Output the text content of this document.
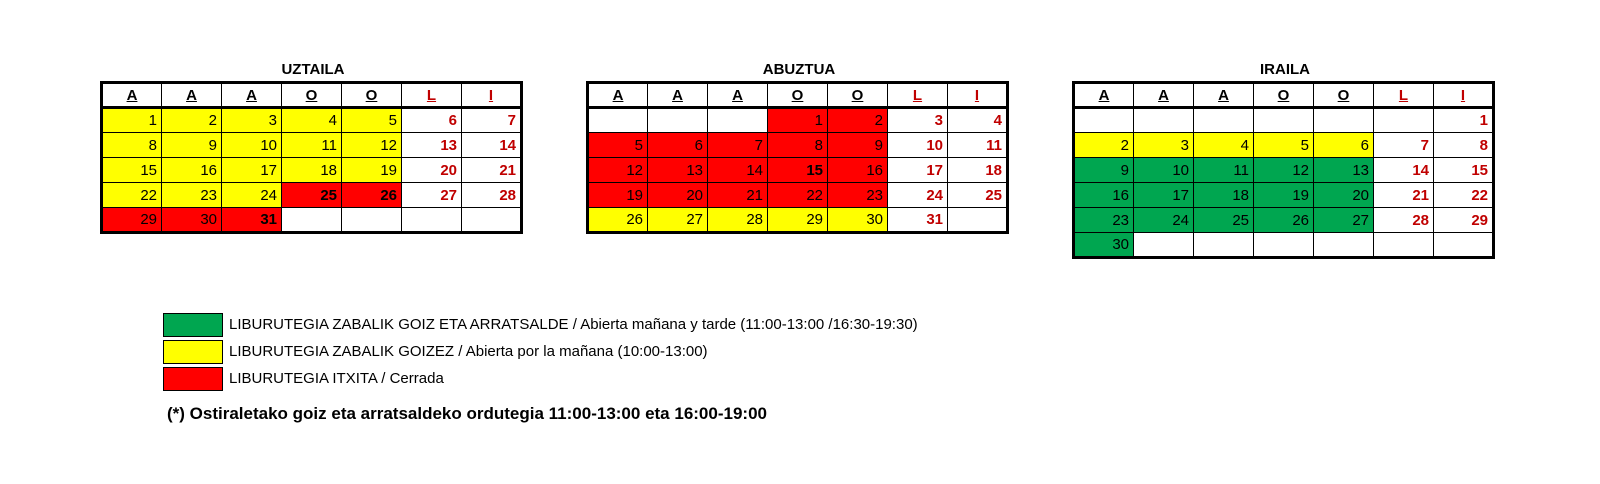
UZTAILA
A	A	A	O	O	L	I
1	2	3	4	5	6	7
8	9	10	11	12	13	14
15	16	17	18	19	20	21
22	23	24	25	26	27	28
29	30	31				
ABUZTUA
A	A	A	O	O	L	I
			1	2	3	4
5	6	7	8	9	10	11
12	13	14	15	16	17	18
19	20	21	22	23	24	25
26	27	28	29	30	31	
IRAILA
A	A	A	O	O	L	I
						1
2	3	4	5	6	7	8
9	10	11	12	13	14	15
16	17	18	19	20	21	22
23	24	25	26	27	28	29
30						
LIBURUTEGIA ZABALIK GOIZ ETA ARRATSALDE / Abierta mañana y tarde (11:00-13:00 /16:30-19:30)
LIBURUTEGIA ZABALIK GOIZEZ / Abierta por la mañana (10:00-13:00)
LIBURUTEGIA ITXITA / Cerrada
(*) Ostiraletako goiz eta arratsaldeko ordutegia 11:00-13:00 eta 16:00-19:00
